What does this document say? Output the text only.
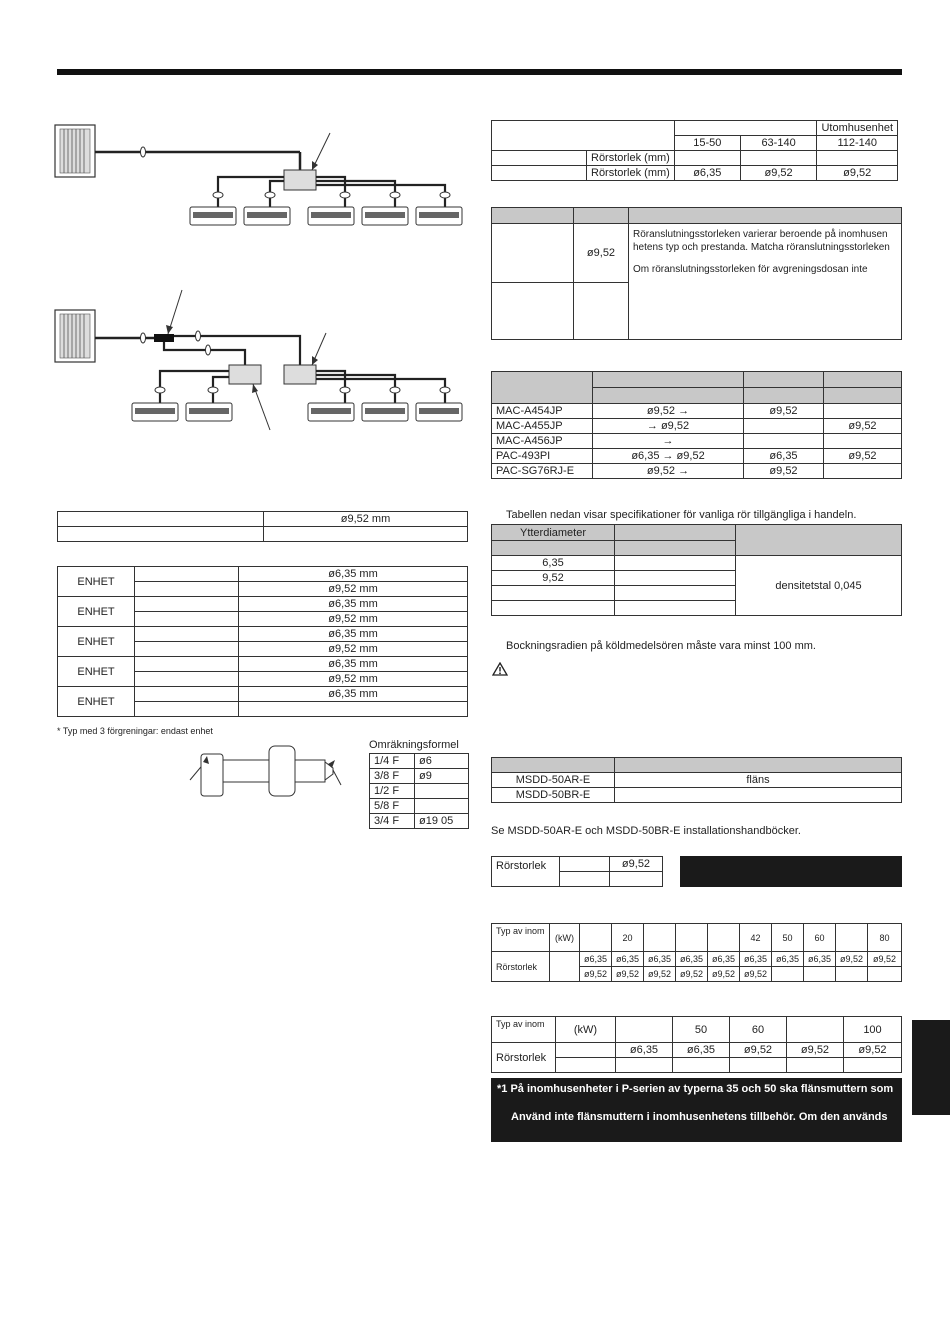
				Utomhusenhet
		15-50	63-140	112-140
	Rörstorlek (mm)			
	Rörstorlek (mm)	ø6,35	ø9,52	ø9,52

	ø9,52	Röranslutningsstorleken varierar beroende på inomhusen
hetens typ och prestanda. Matcha röranslutningsstorleken
Om röranslutningsstorleken för avgreningsdosan inte

MAC-A454JP	ø9,52 →	ø9,52	
MAC-A455JP	→ ø9,52		ø9,52
MAC-A456JP	→		
PAC-493PI	ø6,35 → ø9,52	ø6,35	ø9,52
PAC-SG76RJ-E	ø9,52 →	ø9,52	
Tabellen nedan visar specifikationer för vanliga rör tillgängliga i handeln.
Ytterdiameter		

6,35		densitetstal 0,045
9,52		

Bockningsradien på köldmedelsören måste vara minst 100 mm.

MSDD-50AR-E	fläns
MSDD-50BR-E	
Se MSDD-50AR-E och MSDD-50BR-E installationshandböcker.
Rörstorlek		ø9,52

Typ av inom	(kW)		20				42	50	60		80
Rörstorlek		ø6,35	ø6,35	ø6,35	ø6,35	ø6,35	ø6,35	ø6,35	ø6,35	ø9,52	ø9,52
		ø9,52	ø9,52	ø9,52	ø9,52	ø9,52	ø9,52				
Typ av inom	(kW)		50	60		100
Rörstorlek		ø6,35	ø6,35	ø9,52	ø9,52	ø9,52

*1 På inomhusenheter i P-serien av typerna 35 och 50 ska flänsmuttern som
Använd inte flänsmuttern i inomhusenhetens tillbehör. Om den används
	ø9,52 mm

ENHET		ø6,35 mm
		ø9,52 mm
ENHET		ø6,35 mm
		ø9,52 mm
ENHET		ø6,35 mm
		ø9,52 mm
ENHET		ø6,35 mm
		ø9,52 mm
ENHET		ø6,35 mm

* Typ med 3 förgreningar: endast enhet
Omräkningsformel
1/4 F	ø6
3/8 F	ø9
1/2 F	
5/8 F	
3/4 F	ø19 05
